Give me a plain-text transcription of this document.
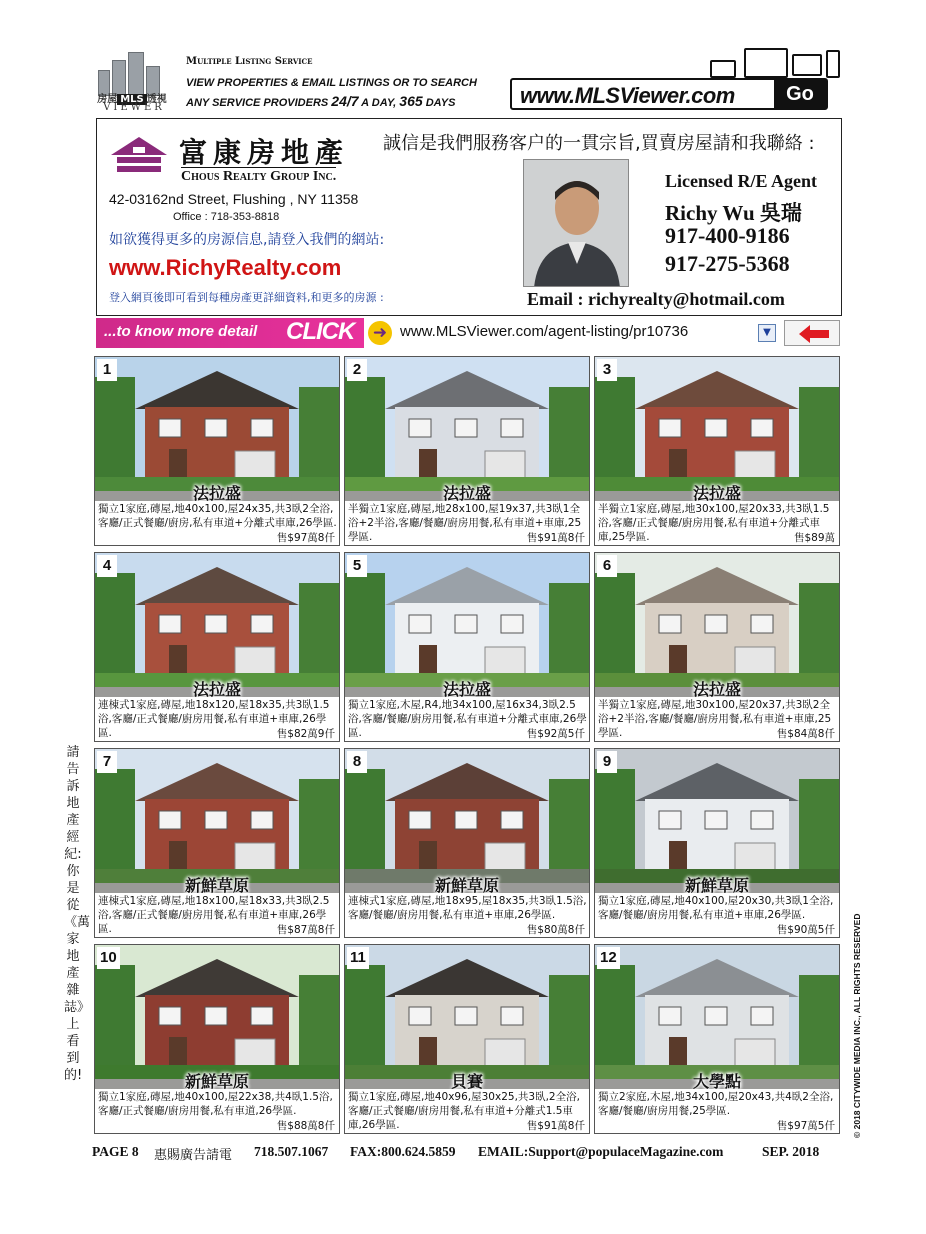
房屋 MLS 透視
VIEWER
Multiple Listing Service
VIEW PROPERTIES & EMAIL LISTINGS OR TO SEARCH
ANY SERVICE PROVIDERS 24/7 A DAY, 365 DAYS	www.MLSViewer.com	Go
富康房地產
Chous Realty Group Inc.
42-03162nd Street, Flushing , NY 11358
Office : 718-353-8818
如欲獲得更多的房源信息,請登入我們的網站:
www.RichyRealty.com
登入網頁後即可看到每種房產更詳細資料,和更多的房源 :
誠信是我們服務客户的一貫宗旨,買賣房屋請和我聯絡 :
Licensed R/E Agent
Richy Wu 吳瑞
917-400-9186
917-275-5368
Email : richyrealty@hotmail.com
...to know more detail CLICK ➜ www.MLSViewer.com/agent-listing/pr10736	▼
1
法拉盛
獨立1家庭,磚屋,地40x100,屋24x35,共3臥2全浴,客廳/正式餐廳/廚房,私有車道+分離式車庫,26學區.
售$97萬8仟
2
法拉盛
半獨立1家庭,磚屋,地28x100,屋19x37,共3臥1全浴+2半浴,客廳/餐廳/廚房用餐,私有車道+車庫,25學區.	售$91萬8仟
3
法拉盛
半獨立1家庭,磚屋,地30x100,屋20x33,共3臥1.5浴,客廳/正式餐廳/廚房用餐,私有車道+分離式車庫,25學區.	售$89萬
4
法拉盛
連棟式1家庭,磚屋,地18x120,屋18x35,共3臥1.5浴,客廳/正式餐廳/廚房用餐,私有車道+車庫,26學區.	售$82萬9仟
5
法拉盛
獨立1家庭,木屋,R4,地34x100,屋16x34,3臥2.5浴,客廳/餐廳/廚房用餐,私有車道+分離式車庫,26學區.	售$92萬5仟
6
法拉盛
半獨立1家庭,磚屋,地30x100,屋20x37,共3臥2全浴+2半浴,客廳/餐廳/廚房用餐,私有車道+車庫,25學區.	售$84萬8仟
7
新鮮草原
連棟式1家庭,磚屋,地18x100,屋18x33,共3臥2.5浴,客廳/正式餐廳/廚房用餐,私有車道+車庫,26學區.	售$87萬8仟
8
新鮮草原
連棟式1家庭,磚屋,地18x95,屋18x35,共3臥1.5浴,客廳/餐廳/廚房用餐,私有車道+車庫,26學區.
售$80萬8仟
9
新鮮草原
獨立1家庭,磚屋,地40x100,屋20x30,共3臥1全浴,客廳/餐廳/廚房用餐,私有車道+車庫,26學區.
售$90萬5仟
10
新鮮草原
獨立1家庭,磚屋,地40x100,屋22x38,共4臥1.5浴,客廳/正式餐廳/廚房用餐,私有車道,26學區.
售$88萬8仟
11
貝賽
獨立1家庭,磚屋,地40x96,屋30x25,共3臥,2全浴,客廳/正式餐廳/廚房用餐,私有車道+分離式1.5車庫,26學區.	售$91萬8仟
12
大學點
獨立2家庭,木屋,地34x100,屋20x43,共4臥2全浴,客廳/餐廳/廚房用餐,25學區.
售$97萬5仟
請告訴地產經紀: 你是從《萬家地產雜誌》上看到的!	© 2018 CITYWIDE MEDIA INC., ALL RIGHTS RESERVED
PAGE 8 惠賜廣告請電 718.507.1067 FAX:800.624.5859 EMAIL:Support@populaceMagazine.com	SEP. 2018
